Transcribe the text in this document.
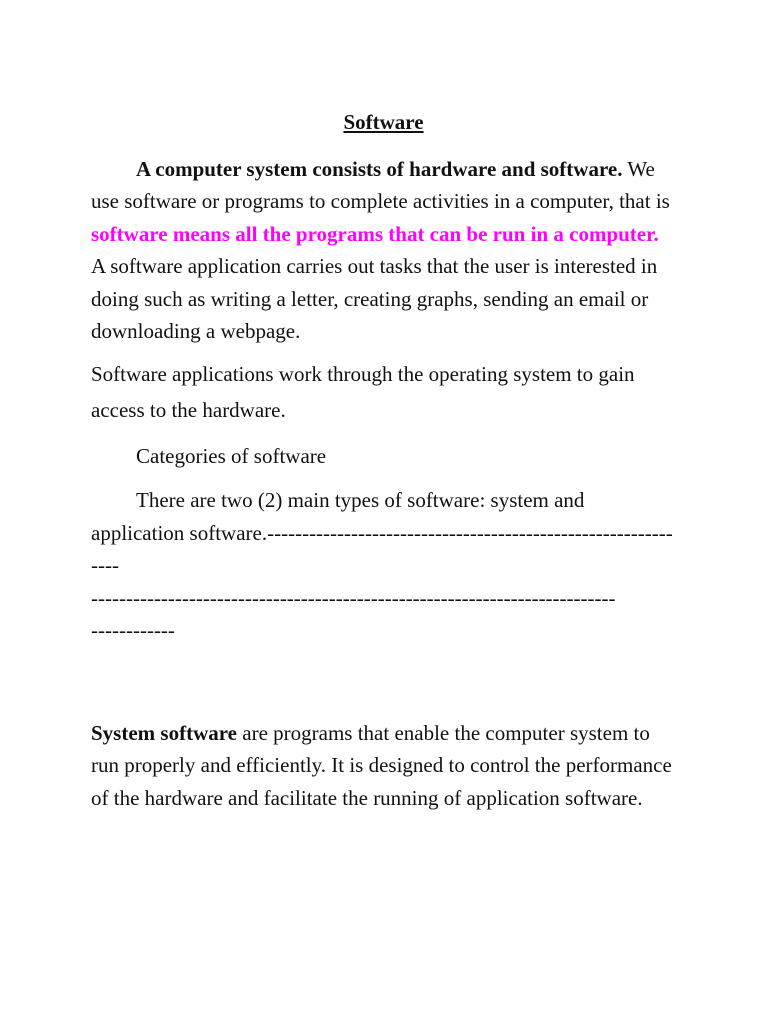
Software

A computer system consists of hardware and software. We use software or programs to complete activities in a computer, that is software means all the programs that can be run in a computer. A software application carries out tasks that the user is interested in doing such as writing a letter, creating graphs, sending an email or downloading a webpage.

Software applications work through the operating system to gain access to the hardware.

Categories of software

There are two (2) main types of software: system and application software.--------------------------------------------------------------

---------------------------------------------------------------------------
------------

System software are programs that enable the computer system to run properly and efficiently. It is designed to control the performance of the hardware and facilitate the running of application software.
